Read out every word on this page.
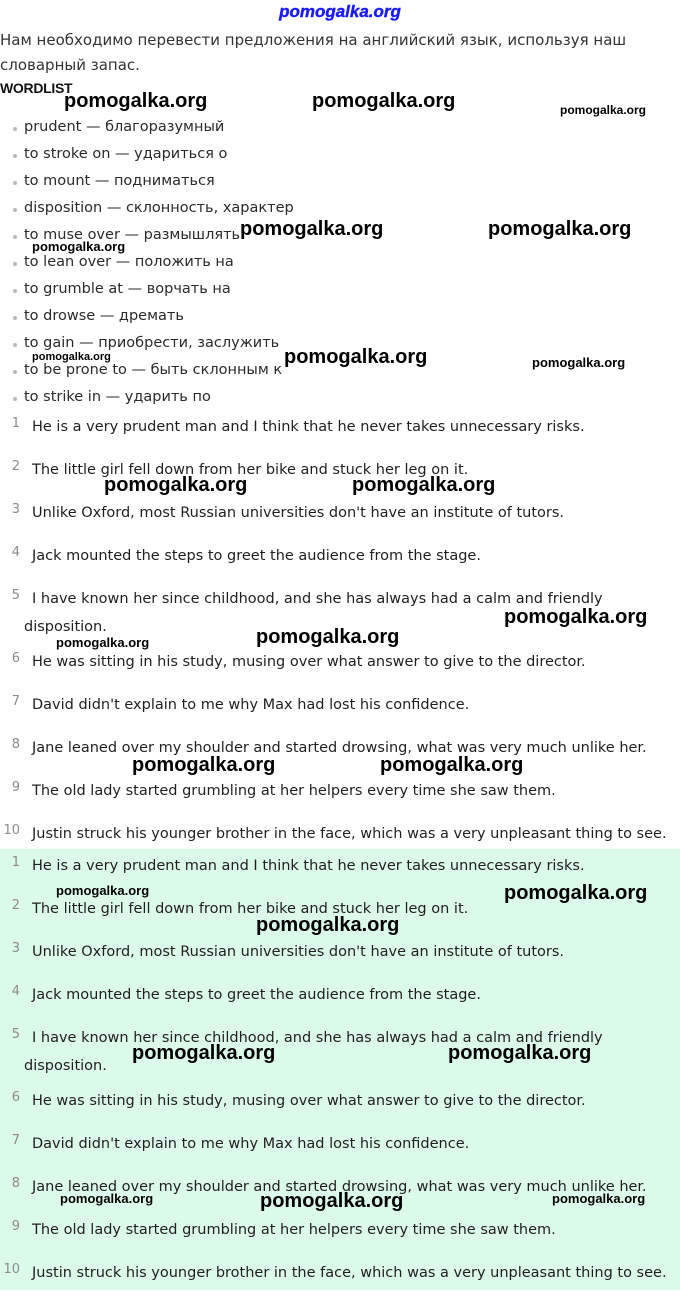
pomogalka.org
Нам необходимо перевести предложения на английский язык, используя наш словарный запас.
WORDLIST
prudent — благоразумный
to stroke on — удариться о
to mount — подниматься
disposition — склонность, характер
to muse over — размышлять
to lean over — положить на
to grumble at — ворчать на
to drowse — дремать
to gain — приобрести, заслужить
to be prone to — быть склонным к
to strike in — ударить по
1 He is a very prudent man and I think that he never takes unnecessary risks.
2 The little girl fell down from her bike and stuck her leg on it.
3 Unlike Oxford, most Russian universities don't have an institute of tutors.
4 Jack mounted the steps to greet the audience from the stage.
5 I have known her since childhood, and she has always had a calm and friendly disposition.
6 He was sitting in his study, musing over what answer to give to the director.
7 David didn't explain to me why Max had lost his confidence.
8 Jane leaned over my shoulder and started drowsing, what was very much unlike her.
9 The old lady started grumbling at her helpers every time she saw them.
10 Justin struck his younger brother in the face, which was a very unpleasant thing to see.
1 He is a very prudent man and I think that he never takes unnecessary risks.
2 The little girl fell down from her bike and stuck her leg on it.
3 Unlike Oxford, most Russian universities don't have an institute of tutors.
4 Jack mounted the steps to greet the audience from the stage.
5 I have known her since childhood, and she has always had a calm and friendly disposition.
6 He was sitting in his study, musing over what answer to give to the director.
7 David didn't explain to me why Max had lost his confidence.
8 Jane leaned over my shoulder and started drowsing, what was very much unlike her.
9 The old lady started grumbling at her helpers every time she saw them.
10 Justin struck his younger brother in the face, which was a very unpleasant thing to see.
pomogalka.org	pomogalka.org	pomogalka.org
pomogalka.org	pomogalka.org
pomogalka.org
pomogalka.org	pomogalka.org	pomogalka.org
pomogalka.org	pomogalka.org
pomogalka.org
pomogalka.org	pomogalka.org
pomogalka.org	pomogalka.org
pomogalka.org	pomogalka.org
pomogalka.org
pomogalka.org	pomogalka.org
pomogalka.org	pomogalka.org	pomogalka.org
